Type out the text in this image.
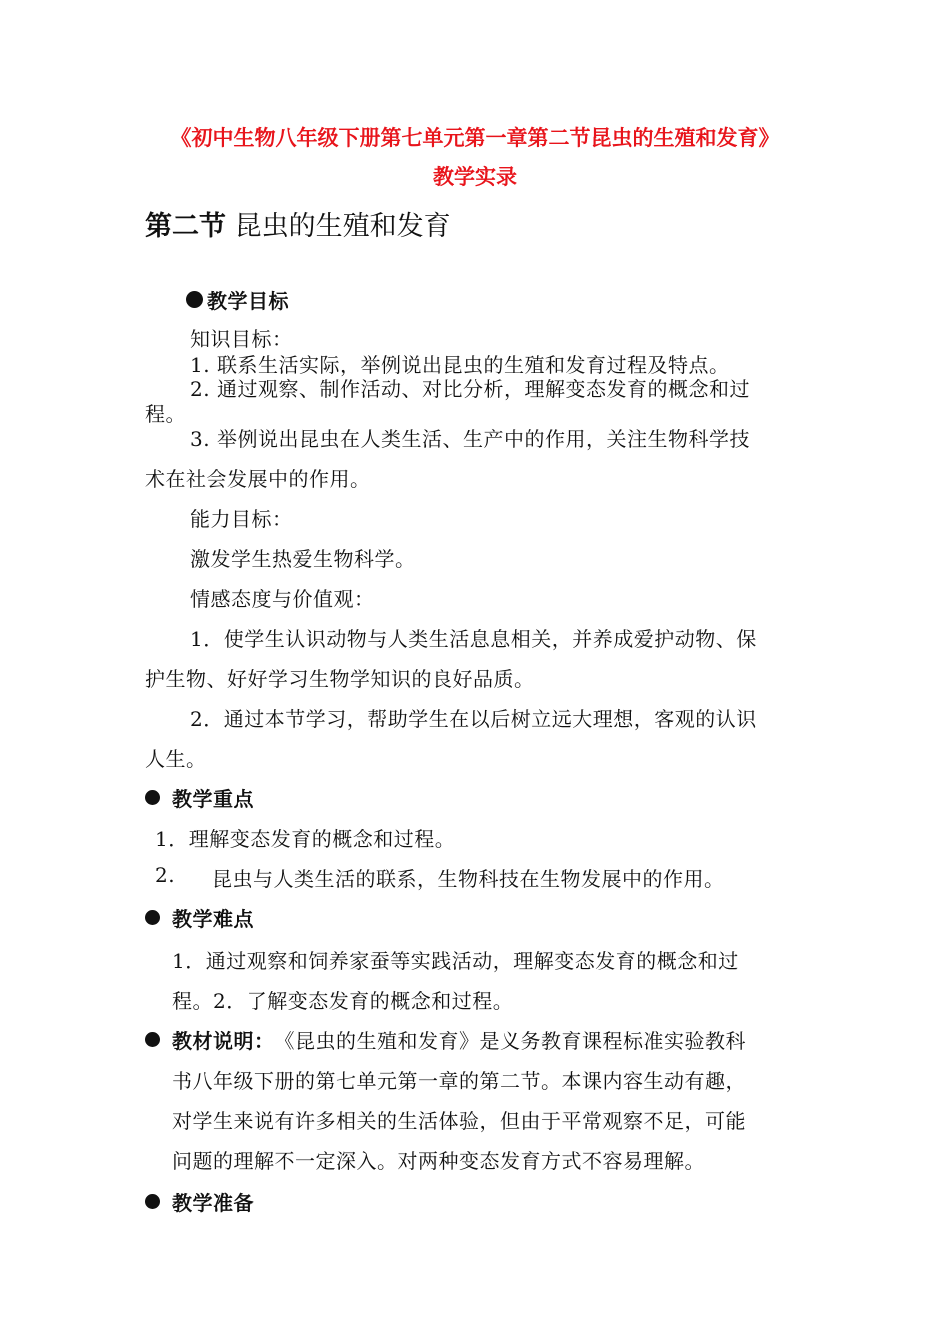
《初中生物八年级下册第七单元第一章第二节昆虫的生殖和发育》
教学实录
第二节 昆虫的生殖和发育
教学目标
知识目标：
1. 联系生活实际，举例说出昆虫的生殖和发育过程及特点。
2. 通过观察、制作活动、对比分析，理解变态发育的概念和过
程。
3. 举例说出昆虫在人类生活、生产中的作用，关注生物科学技
术在社会发展中的作用。
能力目标：
激发学生热爱生物科学。
情感态度与价值观：
1．使学生认识动物与人类生活息息相关，并养成爱护动物、保
护生物、好好学习生物学知识的良好品质。
2．通过本节学习，帮助学生在以后树立远大理想，客观的认识
人生。
教学重点
1．理解变态发育的概念和过程。
2. 昆虫与人类生活的联系，生物科技在生物发展中的作用。
教学难点
1．通过观察和饲养家蚕等实践活动，理解变态发育的概念和过
程。2．了解变态发育的概念和过程。
教材说明： 《昆虫的生殖和发育》是义务教育课程标准实验教科
书八年级下册的第七单元第一章的第二节。本课内容生动有趣，
对学生来说有许多相关的生活体验，但由于平常观察不足，可能
问题的理解不一定深入。对两种变态发育方式不容易理解。
教学准备
